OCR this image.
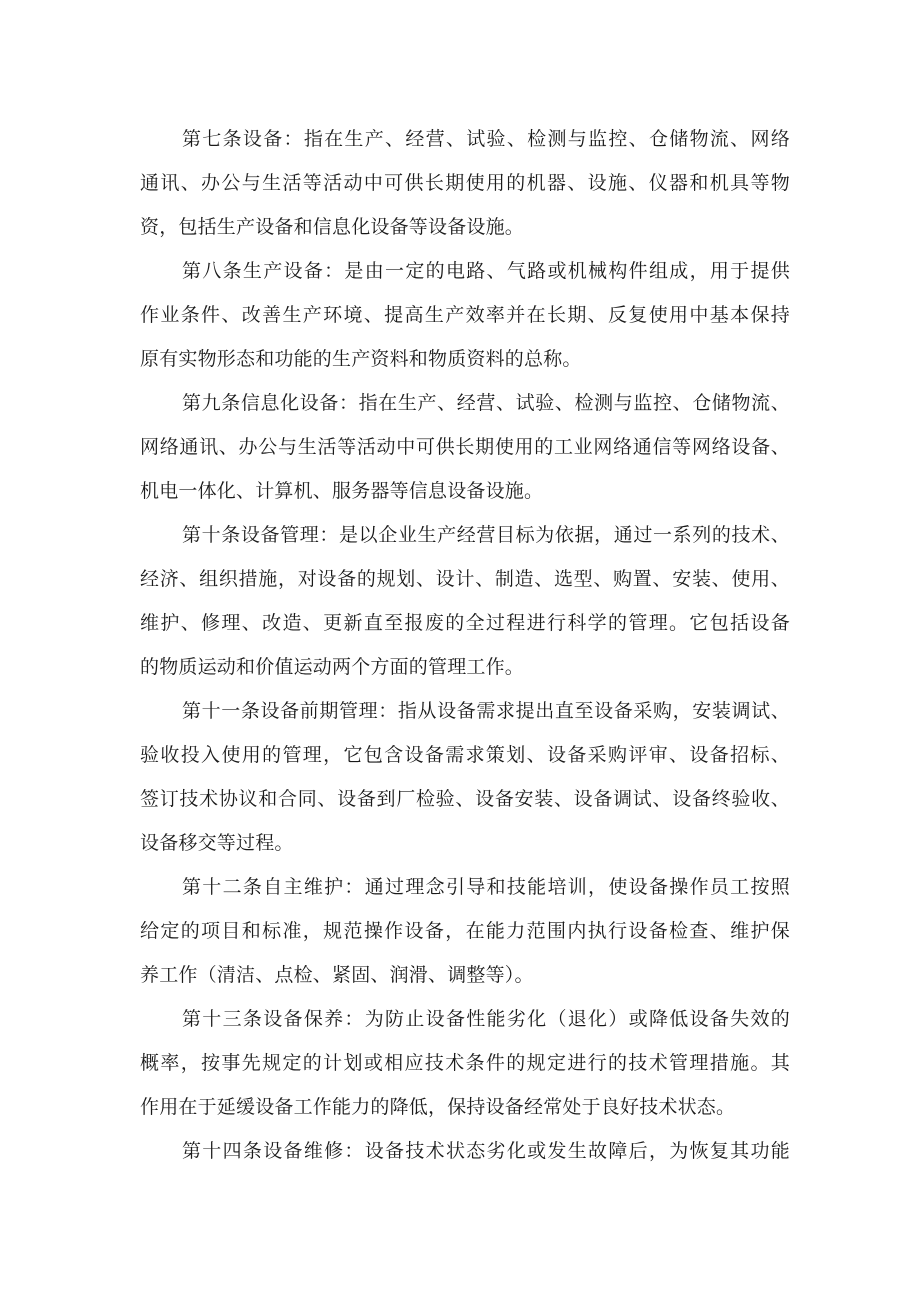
第七条设备：指在生产、经营、试验、检测与监控、仓储物流、网络
通讯、办公与生活等活动中可供长期使用的机器、设施、仪器和机具等物
资，包括生产设备和信息化设备等设备设施。
第八条生产设备：是由一定的电路、气路或机械构件组成，用于提供
作业条件、改善生产环境、提高生产效率并在长期、反复使用中基本保持
原有实物形态和功能的生产资料和物质资料的总称。
第九条信息化设备：指在生产、经营、试验、检测与监控、仓储物流、
网络通讯、办公与生活等活动中可供长期使用的工业网络通信等网络设备、
机电一体化、计算机、服务器等信息设备设施。
第十条设备管理：是以企业生产经营目标为依据，通过一系列的技术、
经济、组织措施，对设备的规划、设计、制造、选型、购置、安装、使用、
维护、修理、改造、更新直至报废的全过程进行科学的管理。它包括设备
的物质运动和价值运动两个方面的管理工作。
第十一条设备前期管理：指从设备需求提出直至设备采购，安装调试、
验收投入使用的管理，它包含设备需求策划、设备采购评审、设备招标、
签订技术协议和合同、设备到厂检验、设备安装、设备调试、设备终验收、
设备移交等过程。
第十二条自主维护：通过理念引导和技能培训，使设备操作员工按照
给定的项目和标准，规范操作设备，在能力范围内执行设备检查、维护保
养工作（清洁、点检、紧固、润滑、调整等）。
第十三条设备保养：为防止设备性能劣化（退化）或降低设备失效的
概率，按事先规定的计划或相应技术条件的规定进行的技术管理措施。其
作用在于延缓设备工作能力的降低，保持设备经常处于良好技术状态。
第十四条设备维修：设备技术状态劣化或发生故障后，为恢复其功能
